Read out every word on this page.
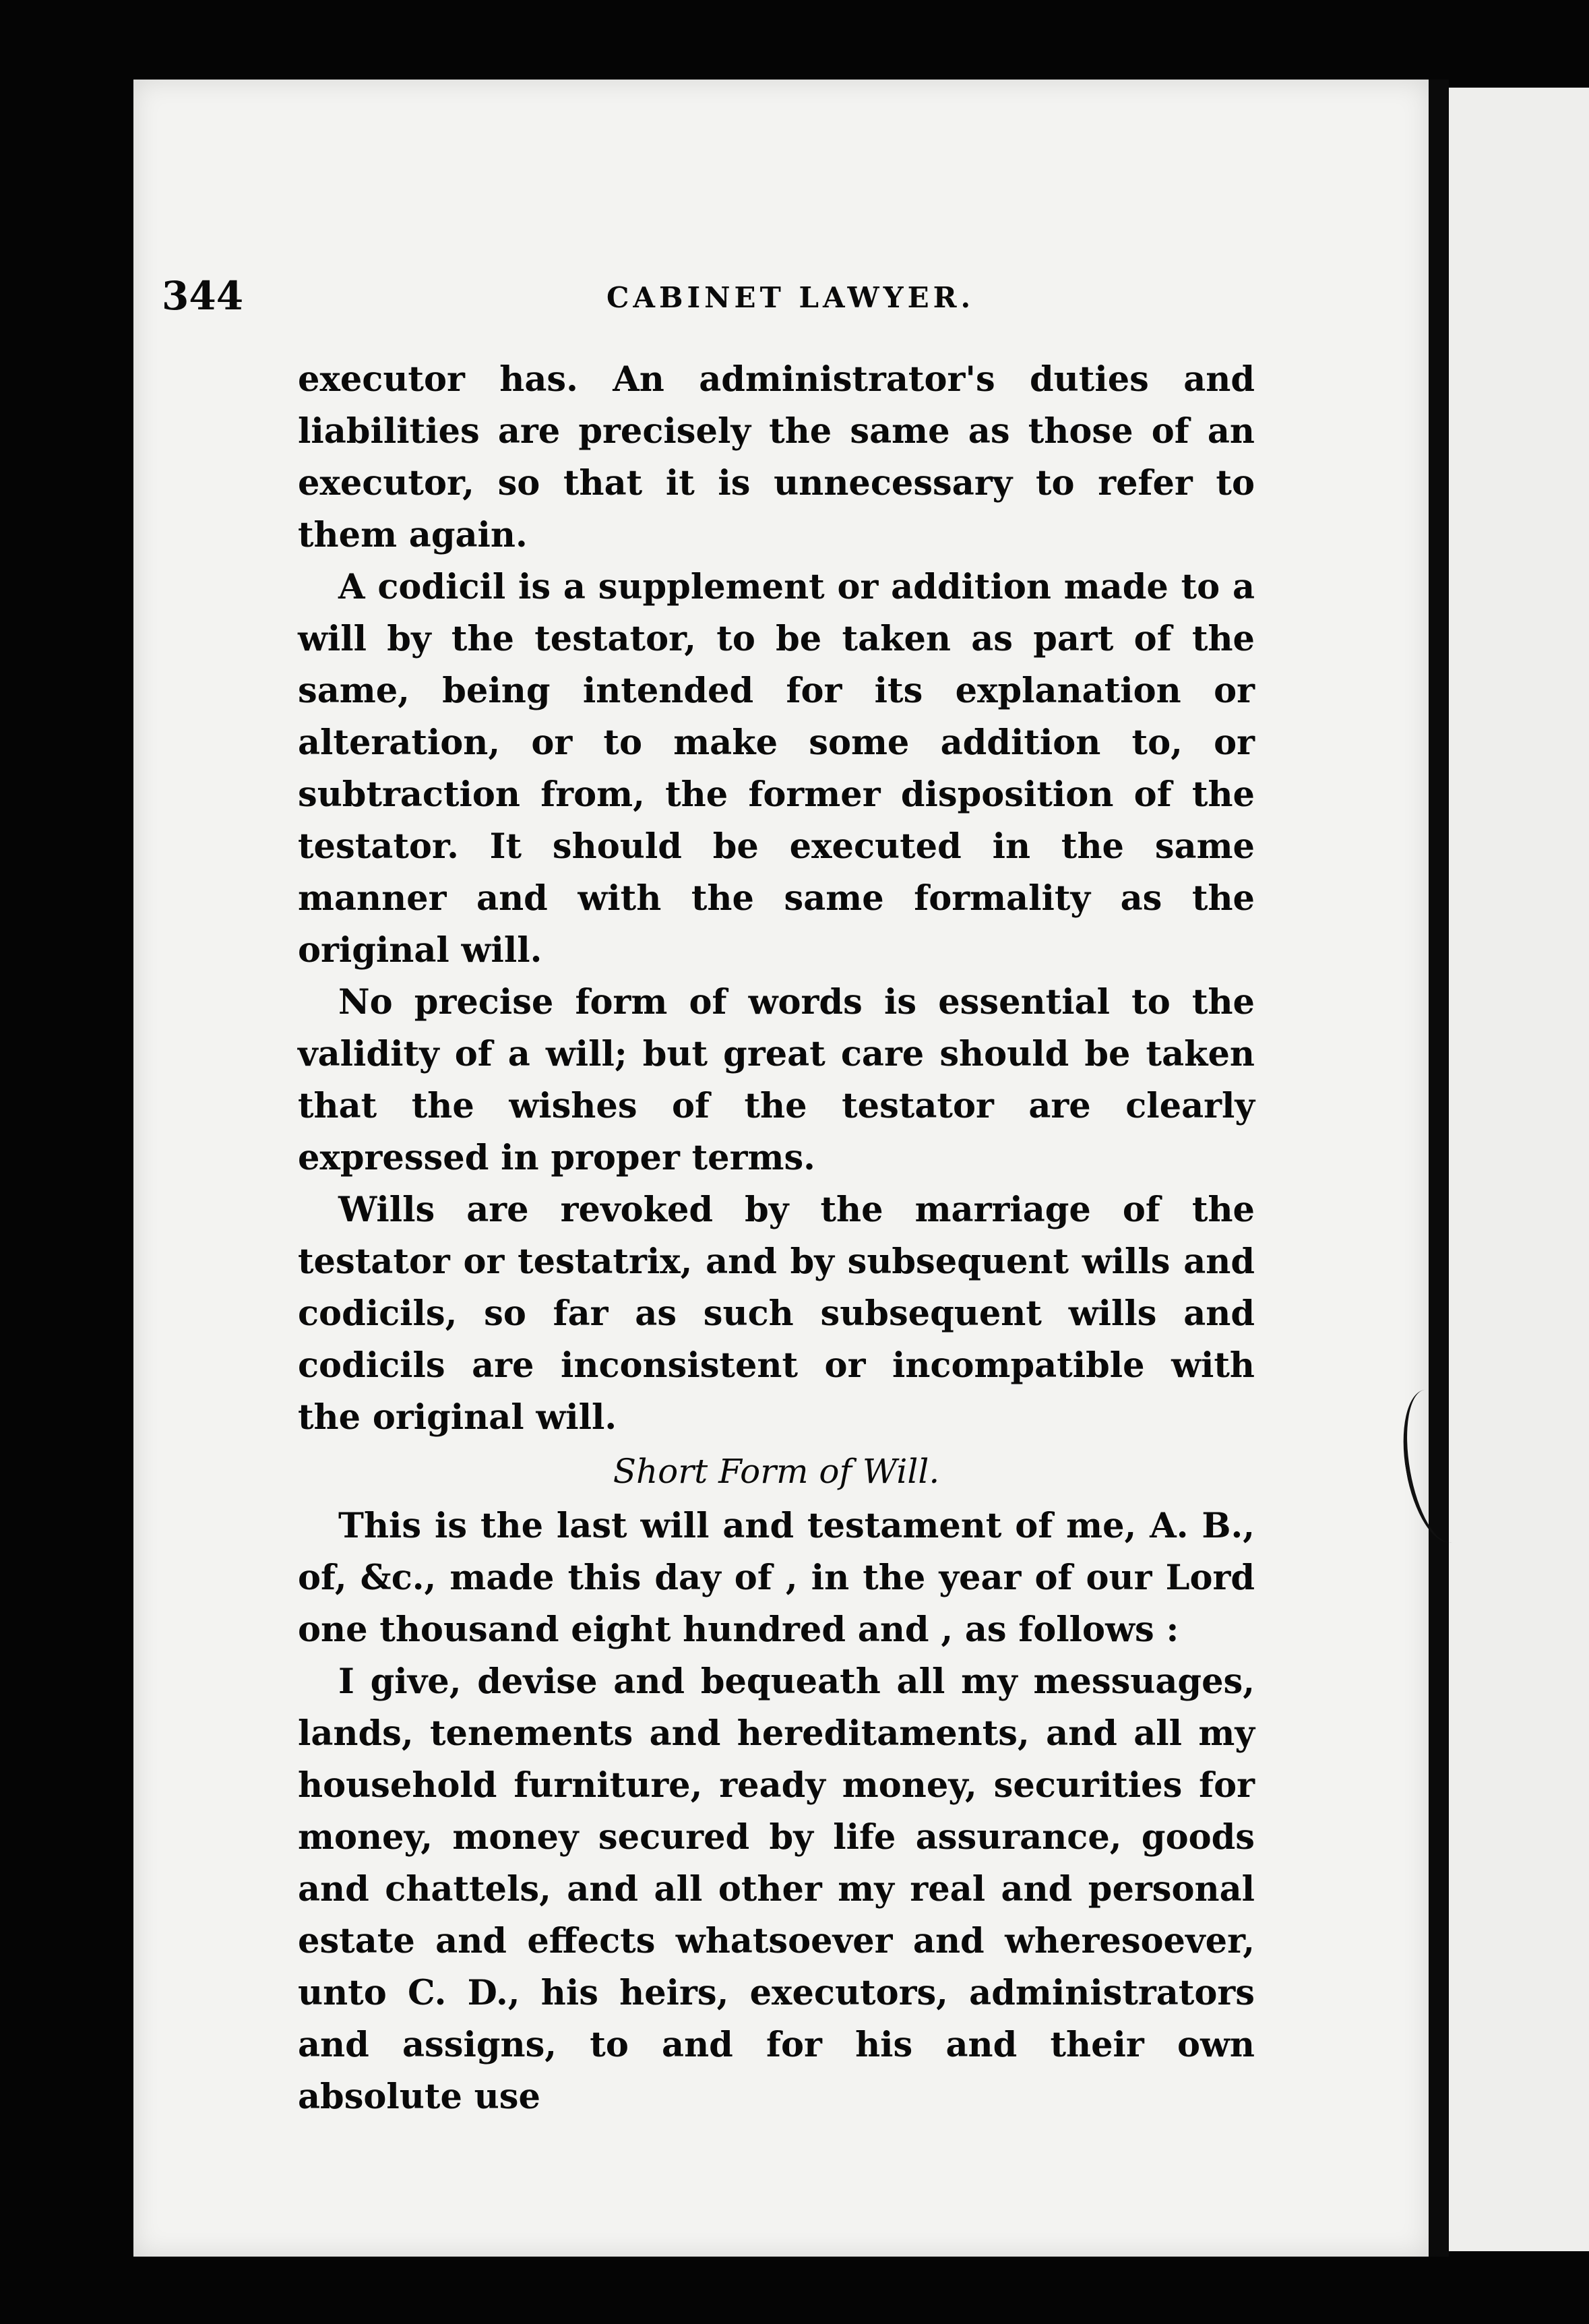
344	CABINET LAWYER.

executor has. An administrator's duties and liabilities are precisely the same as those of an executor, so that it is unnecessary to refer to them again.

A codicil is a supplement or addition made to a will by the testator, to be taken as part of the same, being intended for its explanation or alteration, or to make some addition to, or subtraction from, the former disposition of the testator. It should be executed in the same manner and with the same formality as the original will.

No precise form of words is essential to the validity of a will; but great care should be taken that the wishes of the testator are clearly expressed in proper terms.

Wills are revoked by the marriage of the testator or testatrix, and by subsequent wills and codicils, so far as such subsequent wills and codicils are inconsistent or incompatible with the original will.

Short Form of Will.

This is the last will and testament of me, A. B., of, &c., made this day of , in the year of our Lord one thousand eight hundred and , as follows :

I give, devise and bequeath all my messuages, lands, tenements and hereditaments, and all my household furniture, ready money, securities for money, money secured by life assurance, goods and chattels, and all other my real and personal estate and effects whatsoever and wheresoever, unto C. D., his heirs, executors, administrators and assigns, to and for his and their own absolute use
